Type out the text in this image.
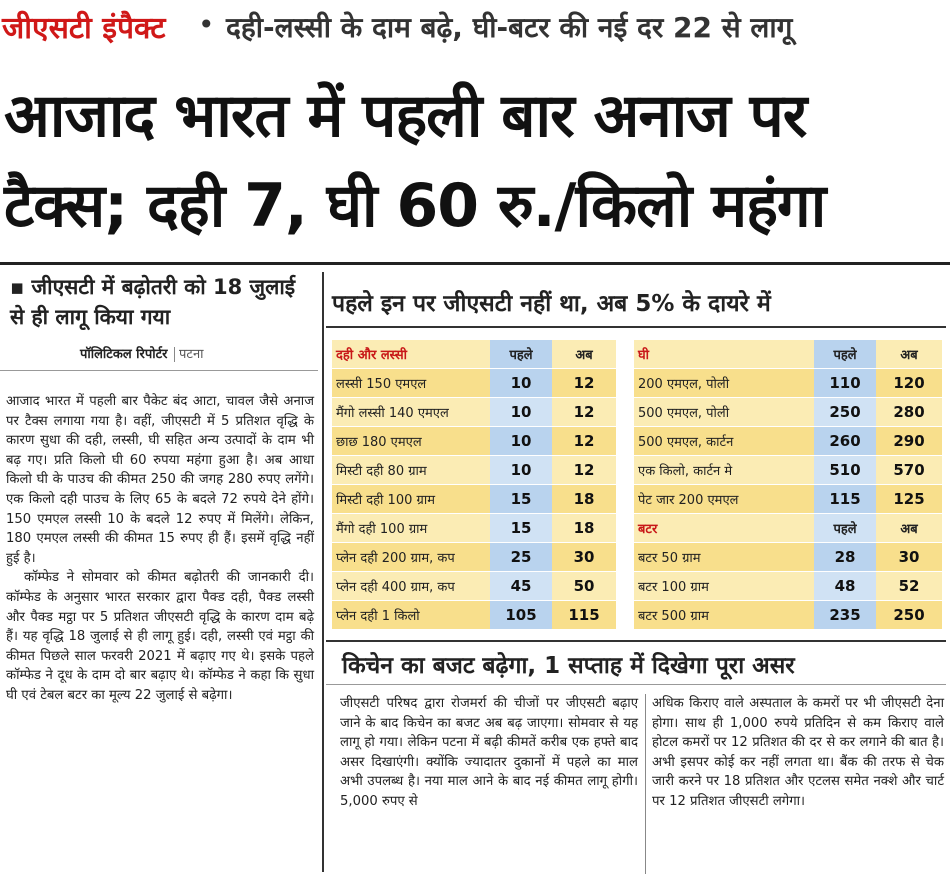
जीएसटी इंपैक्ट • दही-लस्सी के दाम बढ़े, घी-बटर की नई दर 22 से लागू
आजाद भारत में पहली बार अनाज पर
टैक्स; दही 7, घी 60 रु./किलो महंगा
▪ जीएसटी में बढ़ोतरी को 18 जुलाई से ही लागू किया गया
पॉलिटिकल रिपोर्टर पटना

आजाद भारत में पहली बार पैकेट बंद आटा, चावल जैसे अनाज पर टैक्स लगाया गया है। वहीं, जीएसटी में 5 प्रतिशत वृद्धि के कारण सुधा की दही, लस्सी, घी सहित अन्य उत्पादों के दाम भी बढ़ गए। प्रति किलो घी 60 रुपया महंगा हुआ है। अब आधा किलो घी के पाउच की कीमत 250 की जगह 280 रुपए लगेंगे। एक किलो दही पाउच के लिए 65 के बदले 72 रुपये देने होंगे। 150 एमएल लस्सी 10 के बदले 12 रुपए में मिलेंगे। लेकिन, 180 एमएल लस्सी की कीमत 15 रुपए ही हैं। इसमें वृद्धि नहीं हुई है।

कॉम्फेड ने सोमवार को कीमत बढ़ोतरी की जानकारी दी। कॉम्फेड के अनुसार भारत सरकार द्वारा पैक्ड दही, पैक्ड लस्सी और पैक्ड मट्ठा पर 5 प्रतिशत जीएसटी वृद्धि के कारण दाम बढ़े हैं। यह वृद्धि 18 जुलाई से ही लागू हुई। दही, लस्सी एवं मट्ठा की कीमत पिछले साल फरवरी 2021 में बढ़ाए गए थे। इसके पहले कॉम्फेड ने दूध के दाम दो बार बढ़ाए थे। कॉम्फेड ने कहा कि सुधा घी एवं टेबल बटर का मूल्य 22 जुलाई से बढ़ेगा।

पहले इन पर जीएसटी नहीं था, अब 5% के दायरे में
दही और लस्सी	पहले	अब
लस्सी 150 एमएल	10	12
मैंगो लस्सी 140 एमएल	10	12
छाछ 180 एमएल	10	12
मिस्टी दही 80 ग्राम	10	12
मिस्टी दही 100 ग्राम	15	18
मैंगो दही 100 ग्राम	15	18
प्लेन दही 200 ग्राम, कप	25	30
प्लेन दही 400 ग्राम, कप	45	50
प्लेन दही 1 किलो	105	115
घी	पहले	अब
200 एमएल, पोली	110	120
500 एमएल, पोली	250	280
500 एमएल, कार्टन	260	290
एक किलो, कार्टन मे	510	570
पेट जार 200 एमएल	115	125
बटर	पहले	अब
बटर 50 ग्राम	28	30
बटर 100 ग्राम	48	52
बटर 500 ग्राम	235	250
किचेन का बजट बढ़ेगा, 1 सप्ताह में दिखेगा पूरा असर
जीएसटी परिषद द्वारा रोजमर्रा की चीजों पर जीएसटी बढ़ाए जाने के बाद किचेन का बजट अब बढ़ जाएगा। सोमवार से यह लागू हो गया। लेकिन पटना में बढ़ी कीमतें करीब एक हफ्ते बाद असर दिखाएंगी। क्योंकि ज्यादातर दुकानों में पहले का माल अभी उपलब्ध है। नया माल आने के बाद नई कीमत लागू होगी। 5,000 रुपए से
अधिक किराए वाले अस्पताल के कमरों पर भी जीएसटी देना होगा। साथ ही 1,000 रुपये प्रतिदिन से कम किराए वाले होटल कमरों पर 12 प्रतिशत की दर से कर लगाने की बात है। अभी इसपर कोई कर नहीं लगता था। बैंक की तरफ से चेक जारी करने पर 18 प्रतिशत और एटलस समेत नक्शे और चार्ट पर 12 प्रतिशत जीएसटी लगेगा।
